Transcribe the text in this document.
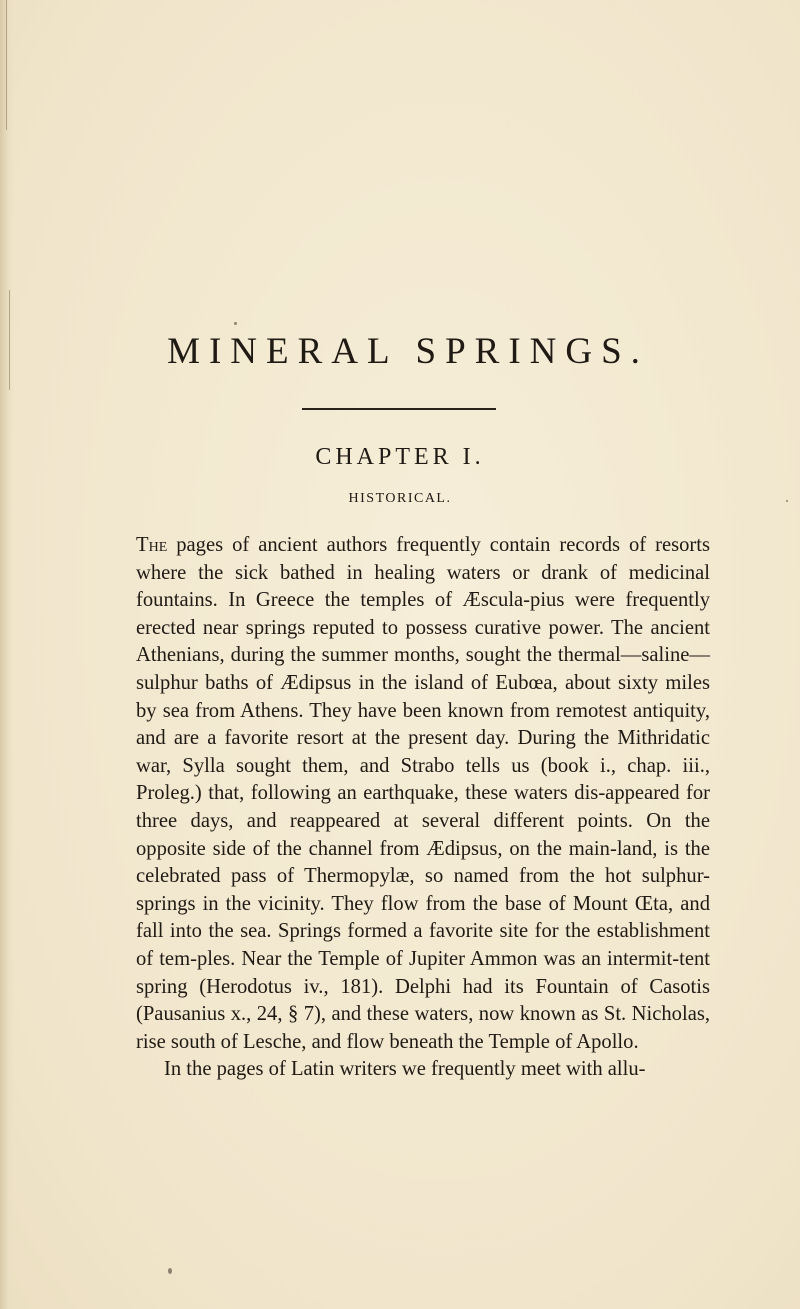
MINERAL SPRINGS.
CHAPTER I.
HISTORICAL.

The pages of ancient authors frequently contain records of resorts where the sick bathed in healing waters or drank of medicinal fountains. In Greece the temples of Æscula-pius were frequently erected near springs reputed to possess curative power. The ancient Athenians, during the summer months, sought the thermal—saline—sulphur baths of Ædipsus in the island of Eubœa, about sixty miles by sea from Athens. They have been known from remotest antiquity, and are a favorite resort at the present day. During the Mithridatic war, Sylla sought them, and Strabo tells us (book i., chap. iii., Proleg.) that, following an earthquake, these waters dis-appeared for three days, and reappeared at several different points. On the opposite side of the channel from Ædipsus, on the main-land, is the celebrated pass of Thermopylæ, so named from the hot sulphur-springs in the vicinity. They flow from the base of Mount Œta, and fall into the sea. Springs formed a favorite site for the establishment of tem-ples. Near the Temple of Jupiter Ammon was an intermit-tent spring (Herodotus iv., 181). Delphi had its Fountain of Casotis (Pausanius x., 24, § 7), and these waters, now known as St. Nicholas, rise south of Lesche, and flow beneath the Temple of Apollo.

In the pages of Latin writers we frequently meet with allu-
